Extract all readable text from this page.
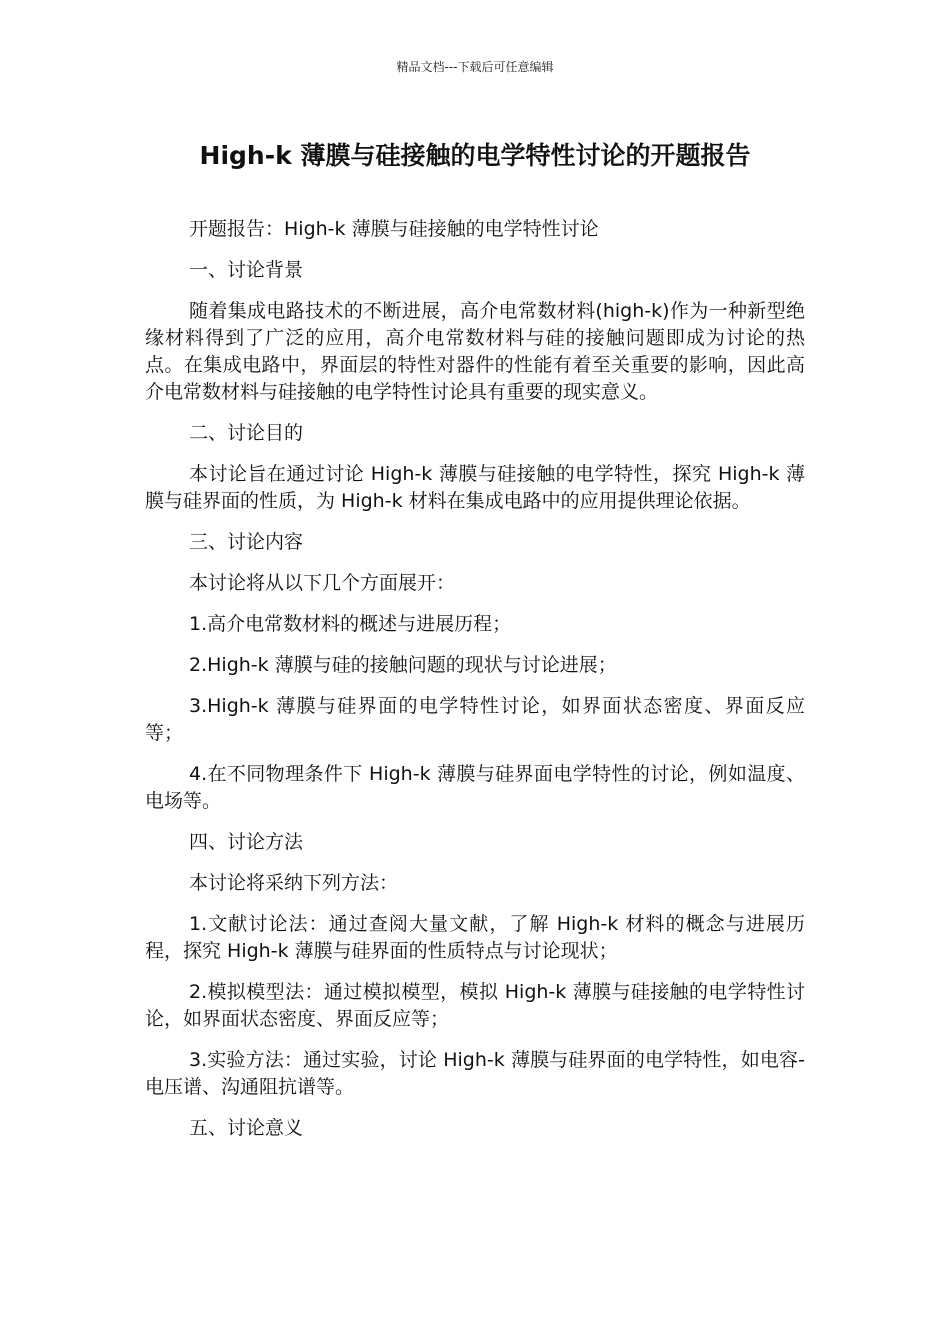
精品文档---下载后可任意编辑
High-k 薄膜与硅接触的电学特性讨论的开题报告

开题报告：High-k 薄膜与硅接触的电学特性讨论

一、讨论背景

随着集成电路技术的不断进展，高介电常数材料(high-k)作为一种新型绝缘材料得到了广泛的应用，高介电常数材料与硅的接触问题即成为讨论的热点。在集成电路中，界面层的特性对器件的性能有着至关重要的影响，因此高介电常数材料与硅接触的电学特性讨论具有重要的现实意义。

二、讨论目的

本讨论旨在通过讨论 High-k 薄膜与硅接触的电学特性，探究 High-k 薄膜与硅界面的性质，为 High-k 材料在集成电路中的应用提供理论依据。

三、讨论内容

本讨论将从以下几个方面展开：

1.高介电常数材料的概述与进展历程；

2.High-k 薄膜与硅的接触问题的现状与讨论进展；

3.High-k 薄膜与硅界面的电学特性讨论，如界面状态密度、界面反应等；

4.在不同物理条件下 High-k 薄膜与硅界面电学特性的讨论，例如温度、电场等。

四、讨论方法

本讨论将采纳下列方法：

1.文献讨论法：通过查阅大量文献，了解 High-k 材料的概念与进展历程，探究 High-k 薄膜与硅界面的性质特点与讨论现状；

2.模拟模型法：通过模拟模型，模拟 High-k 薄膜与硅接触的电学特性讨论，如界面状态密度、界面反应等；

3.实验方法：通过实验，讨论 High-k 薄膜与硅界面的电学特性，如电容-电压谱、沟通阻抗谱等。

五、讨论意义
